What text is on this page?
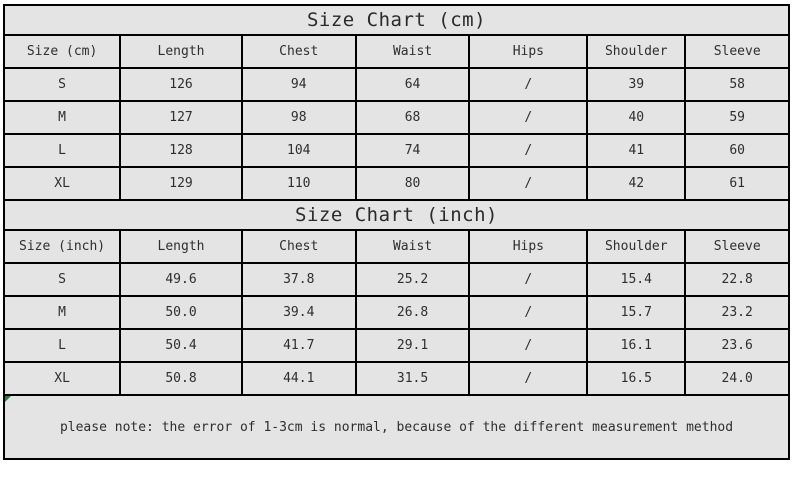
Size Chart (cm)						
Size (cm)	Length	Chest	Waist	Hips	Shoulder	Sleeve
S	126	94	64	/	39	58
M	127	98	68	/	40	59
L	128	104	74	/	41	60
XL	129	110	80	/	42	61
Size Chart (inch)						
Size (inch)	Length	Chest	Waist	Hips	Shoulder	Sleeve
S	49.6	37.8	25.2	/	15.4	22.8
M	50.0	39.4	26.8	/	15.7	23.2
L	50.4	41.7	29.1	/	16.1	23.6
XL	50.8	44.1	31.5	/	16.5	24.0
please note: the error of 1-3cm is normal, because of the different measurement method
